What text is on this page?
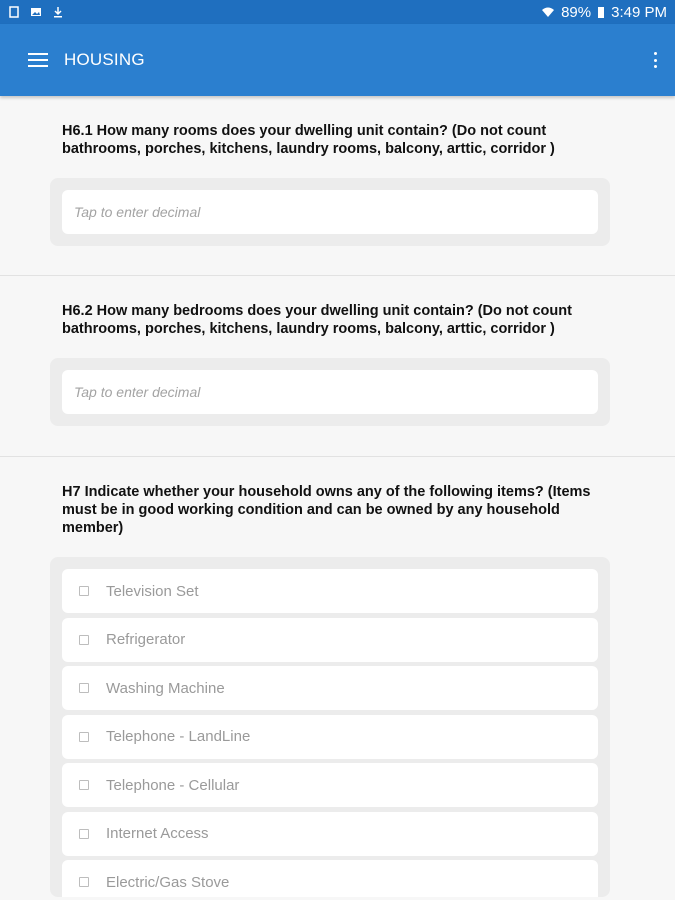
89% 3:49 PM
HOUSING
H6.1 How many rooms does your dwelling unit contain? (Do not count bathrooms, porches, kitchens, laundry rooms, balcony, arttic, corridor )
Tap to enter decimal
H6.2 How many bedrooms does your dwelling unit contain? (Do not count bathrooms, porches, kitchens, laundry rooms, balcony, arttic, corridor )
Tap to enter decimal
H7 Indicate whether your household owns any of the following items? (Items must be in good working condition and can be owned by any household member)
Television Set
Refrigerator
Washing Machine
Telephone - LandLine
Telephone - Cellular
Internet Access
Electric/Gas Stove
